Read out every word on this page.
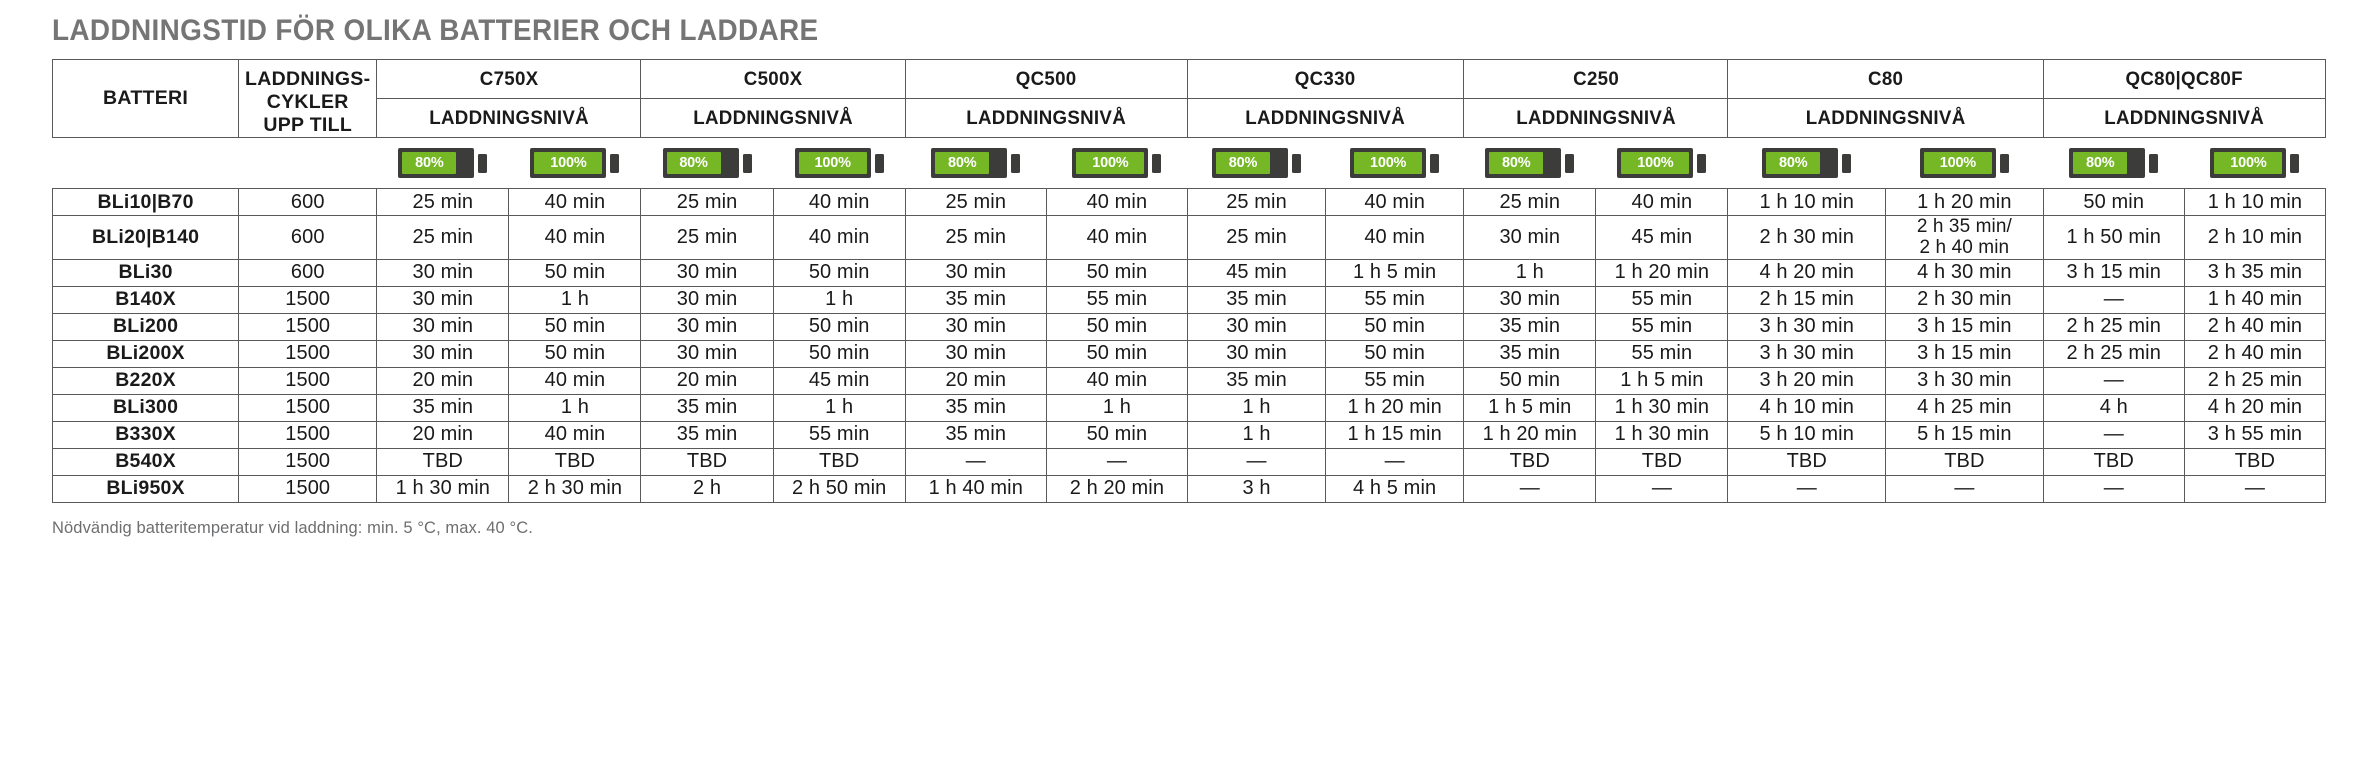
LADDNINGSTID FÖR OLIKA BATTERIER OCH LADDARE
BATTERI	LADDNINGS-
CYKLER
UPP TILL	C750X		C500X		QC500		QC330		C250		C80		QC80|QC80F	
		LADDNINGSNIVÅ		LADDNINGSNIVÅ		LADDNINGSNIVÅ		LADDNINGSNIVÅ		LADDNINGSNIVÅ		LADDNINGSNIVÅ		LADDNINGSNIVÅ	

80%	100%	80%	100%	80%	100%	80%	100%	80%	100%	80%	100%	80%	100%

BLi10|B70	600	25 min	40 min	25 min	40 min	25 min	40 min	25 min	40 min	25 min	40 min	1 h 10 min	1 h 20 min	50 min	1 h 10 min
BLi20|B140	600	25 min	40 min	25 min	40 min	25 min	40 min	25 min	40 min	30 min	45 min	2 h 30 min	2 h 35 min/
2 h 40 min	1 h 50 min	2 h 10 min
BLi30	600	30 min	50 min	30 min	50 min	30 min	50 min	45 min	1 h 5 min	1 h	1 h 20 min	4 h 20 min	4 h 30 min	3 h 15 min	3 h 35 min
B140X	1500	30 min	1 h	30 min	1 h	35 min	55 min	35 min	55 min	30 min	55 min	2 h 15 min	2 h 30 min	—	1 h 40 min
BLi200	1500	30 min	50 min	30 min	50 min	30 min	50 min	30 min	50 min	35 min	55 min	3 h 30 min	3 h 15 min	2 h 25 min	2 h 40 min
BLi200X	1500	30 min	50 min	30 min	50 min	30 min	50 min	30 min	50 min	35 min	55 min	3 h 30 min	3 h 15 min	2 h 25 min	2 h 40 min
B220X	1500	20 min	40 min	20 min	45 min	20 min	40 min	35 min	55 min	50 min	1 h 5 min	3 h 20 min	3 h 30 min	—	2 h 25 min
BLi300	1500	35 min	1 h	35 min	1 h	35 min	1 h	1 h	1 h 20 min	1 h 5 min	1 h 30 min	4 h 10 min	4 h 25 min	4 h	4 h 20 min
B330X	1500	20 min	40 min	35 min	55 min	35 min	50 min	1 h	1 h 15 min	1 h 20 min	1 h 30 min	5 h 10 min	5 h 15 min	—	3 h 55 min
B540X	1500	TBD	TBD	TBD	TBD	—	—	—	—	TBD	TBD	TBD	TBD	TBD	TBD
BLi950X	1500	1 h 30 min	2 h 30 min	2 h	2 h 50 min	1 h 40 min	2 h 20 min	3 h	4 h 5 min	—	—	—	—	—	—
Nödvändig batteritemperatur vid laddning: min. 5 °C, max. 40 °C.
